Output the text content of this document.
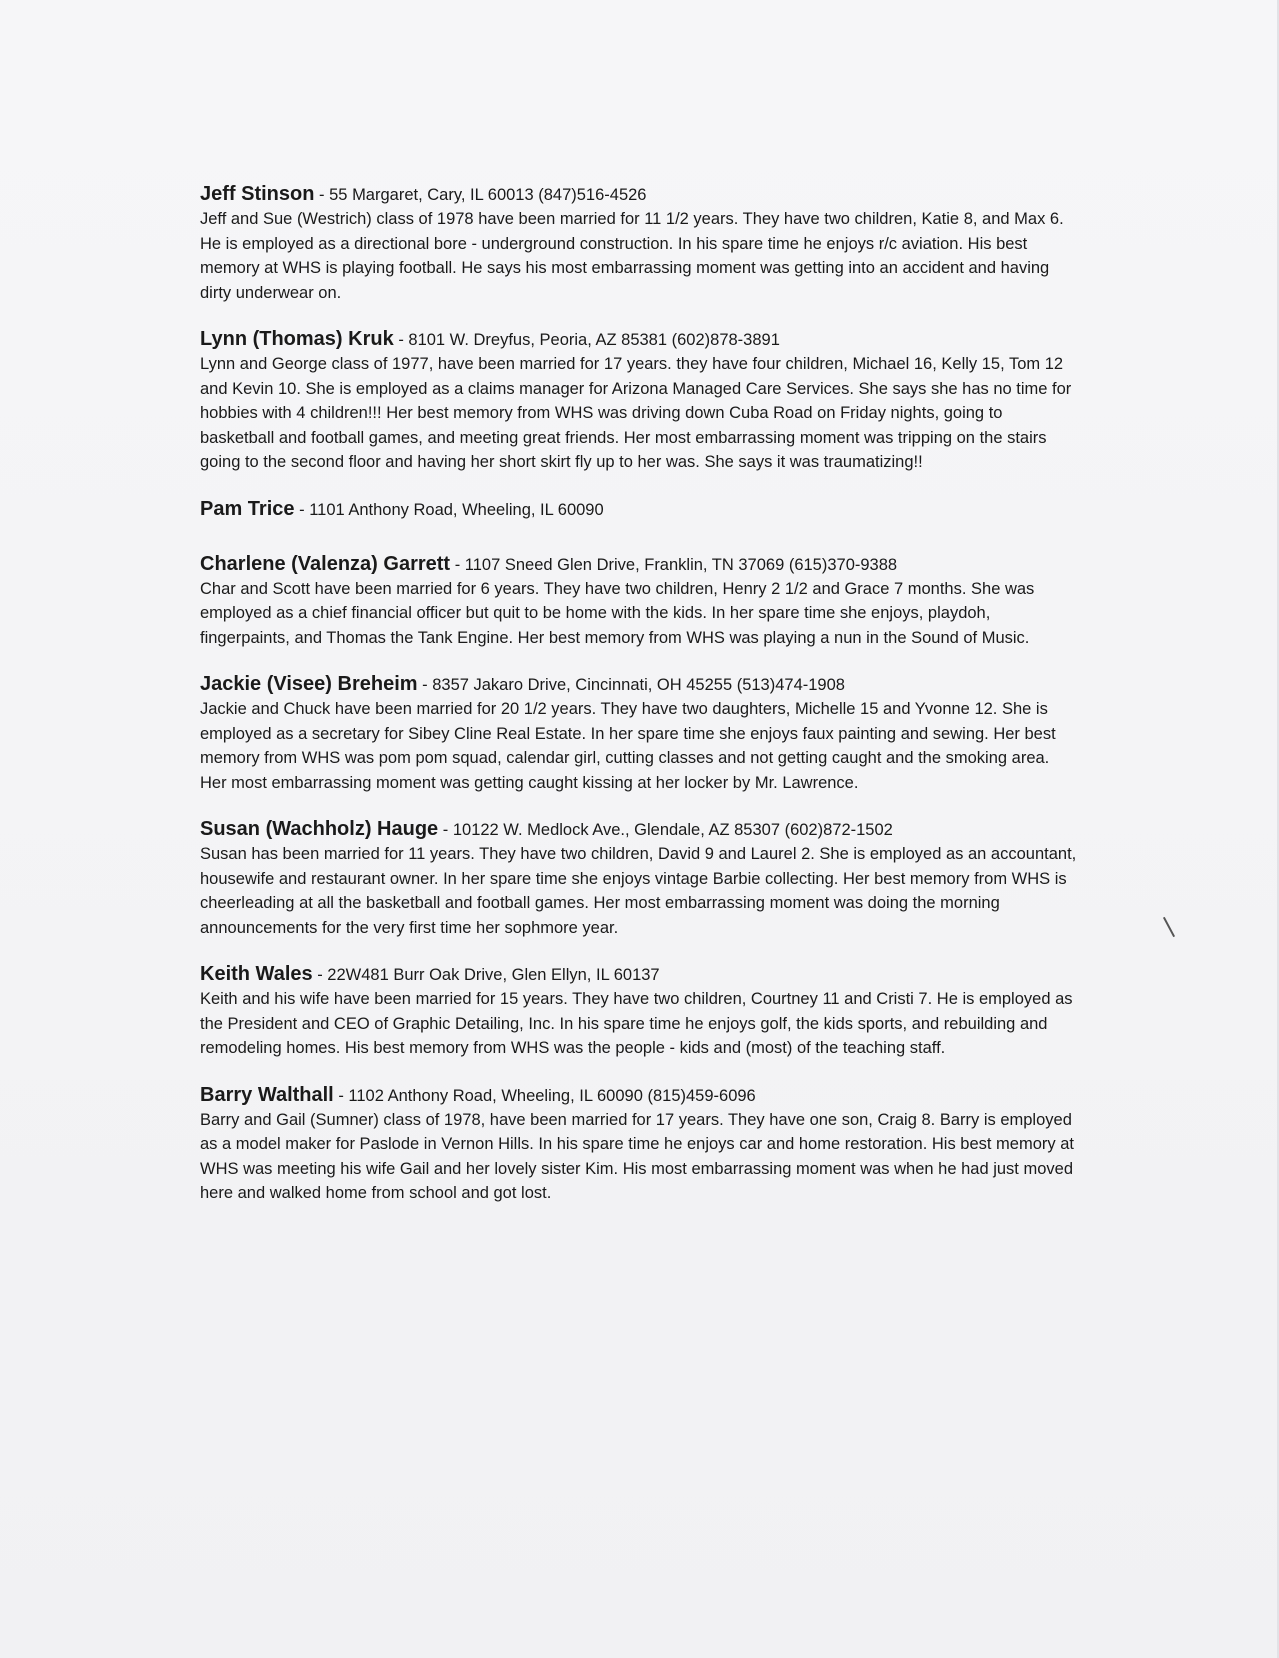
Jeff Stinson - 55 Margaret, Cary, IL 60013 (847)516-4526
Jeff and Sue (Westrich) class of 1978 have been married for 11 1/2 years. They have two children, Katie 8, and Max 6. He is employed as a directional bore - underground construction. In his spare time he enjoys r/c aviation. His best memory at WHS is playing football. He says his most embarrassing moment was getting into an accident and having dirty underwear on.
Lynn (Thomas) Kruk - 8101 W. Dreyfus, Peoria, AZ 85381 (602)878-3891
Lynn and George class of 1977, have been married for 17 years. they have four children, Michael 16, Kelly 15, Tom 12 and Kevin 10. She is employed as a claims manager for Arizona Managed Care Services. She says she has no time for hobbies with 4 children!!! Her best memory from WHS was driving down Cuba Road on Friday nights, going to basketball and football games, and meeting great friends. Her most embarrassing moment was tripping on the stairs going to the second floor and having her short skirt fly up to her was. She says it was traumatizing!!
Pam Trice - 1101 Anthony Road, Wheeling, IL 60090
Charlene (Valenza) Garrett - 1107 Sneed Glen Drive, Franklin, TN 37069 (615)370-9388
Char and Scott have been married for 6 years. They have two children, Henry 2 1/2 and Grace 7 months. She was employed as a chief financial officer but quit to be home with the kids. In her spare time she enjoys, playdoh, fingerpaints, and Thomas the Tank Engine. Her best memory from WHS was playing a nun in the Sound of Music.
Jackie (Visee) Breheim - 8357 Jakaro Drive, Cincinnati, OH 45255 (513)474-1908
Jackie and Chuck have been married for 20 1/2 years. They have two daughters, Michelle 15 and Yvonne 12. She is employed as a secretary for Sibey Cline Real Estate. In her spare time she enjoys faux painting and sewing. Her best memory from WHS was pom pom squad, calendar girl, cutting classes and not getting caught and the smoking area. Her most embarrassing moment was getting caught kissing at her locker by Mr. Lawrence.
Susan (Wachholz) Hauge - 10122 W. Medlock Ave., Glendale, AZ 85307 (602)872-1502
Susan has been married for 11 years. They have two children, David 9 and Laurel 2. She is employed as an accountant, housewife and restaurant owner. In her spare time she enjoys vintage Barbie collecting. Her best memory from WHS is cheerleading at all the basketball and football games. Her most embarrassing moment was doing the morning announcements for the very first time her sophmore year.
Keith Wales - 22W481 Burr Oak Drive, Glen Ellyn, IL 60137
Keith and his wife have been married for 15 years. They have two children, Courtney 11 and Cristi 7. He is employed as the President and CEO of Graphic Detailing, Inc. In his spare time he enjoys golf, the kids sports, and rebuilding and remodeling homes. His best memory from WHS was the people - kids and (most) of the teaching staff.
Barry Walthall - 1102 Anthony Road, Wheeling, IL 60090 (815)459-6096
Barry and Gail (Sumner) class of 1978, have been married for 17 years. They have one son, Craig 8. Barry is employed as a model maker for Paslode in Vernon Hills. In his spare time he enjoys car and home restoration. His best memory at WHS was meeting his wife Gail and her lovely sister Kim. His most embarrassing moment was when he had just moved here and walked home from school and got lost.
